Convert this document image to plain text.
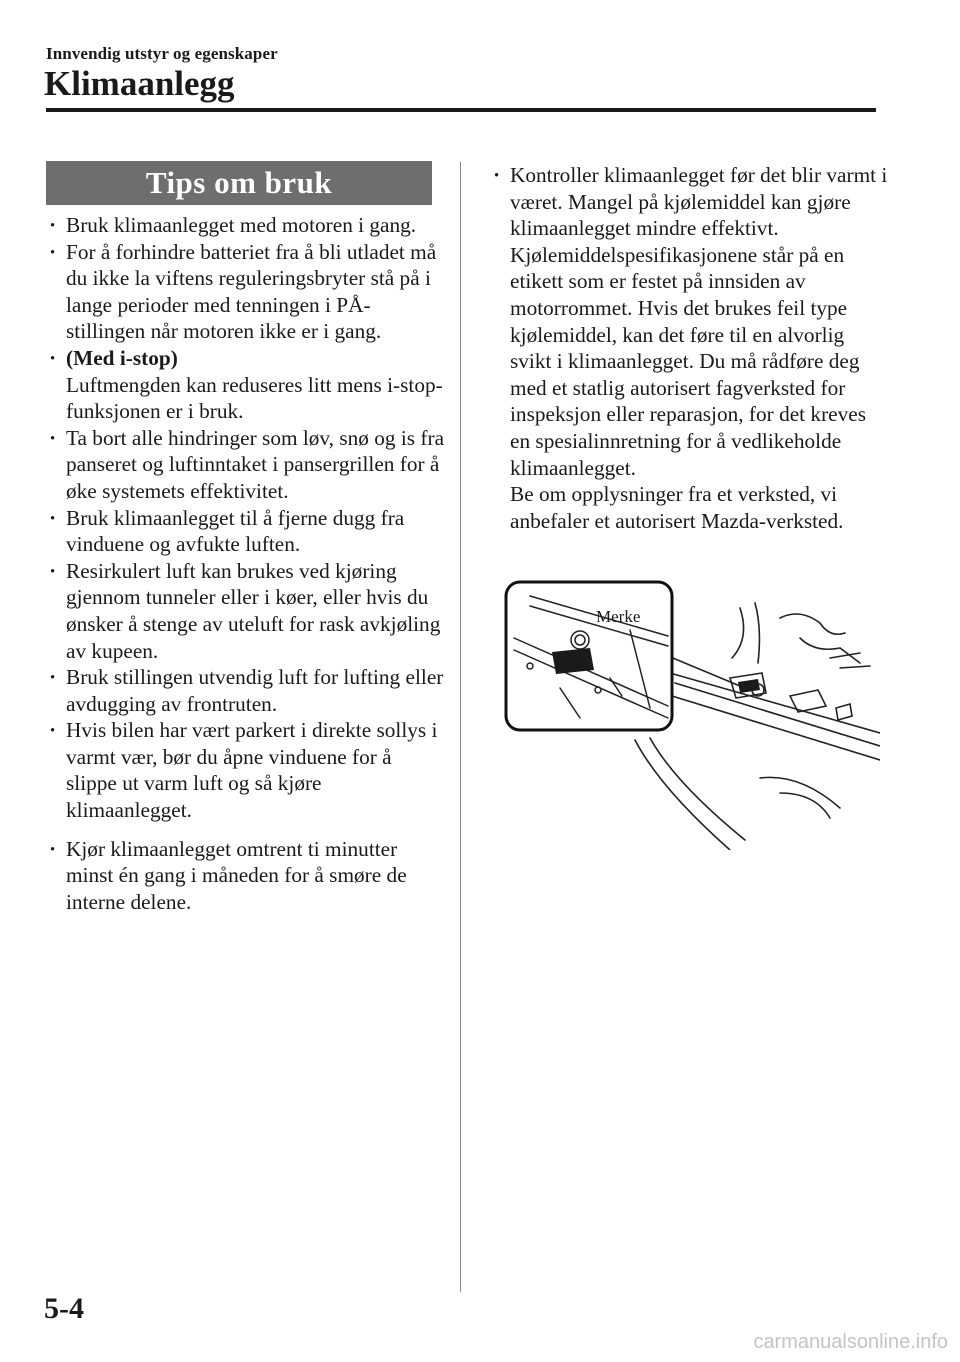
Innvendig utstyr og egenskaper
Klimaanlegg
Tips om bruk
· Bruk klimaanlegget med motoren i gang.
· For å forhindre batteriet fra å bli utladet må du ikke la viftens reguleringsbryter stå på i lange perioder med tenningen i PÅ-stillingen når motoren ikke er i gang.
· (Med i-stop)
Luftmengden kan reduseres litt mens i-stop-funksjonen er i bruk.
· Ta bort alle hindringer som løv, snø og is fra panseret og luftinntaket i pansergrillen for å øke systemets effektivitet.
· Bruk klimaanlegget til å fjerne dugg fra vinduene og avfukte luften.
· Resirkulert luft kan brukes ved kjøring gjennom tunneler eller i køer, eller hvis du ønsker å stenge av uteluft for rask avkjøling av kupeen.
· Bruk stillingen utvendig luft for lufting eller avdugging av frontruten.
· Hvis bilen har vært parkert i direkte sollys i varmt vær, bør du åpne vinduene for å slippe ut varm luft og så kjøre klimaanlegget.
· Kjør klimaanlegget omtrent ti minutter minst én gang i måneden for å smøre de interne delene.
· Kontroller klimaanlegget før det blir varmt i været. Mangel på kjølemiddel kan gjøre klimaanlegget mindre effektivt.
Kjølemiddelspesifikasjonene står på en etikett som er festet på innsiden av motorrommet. Hvis det brukes feil type kjølemiddel, kan det føre til en alvorlig svikt i klimaanlegget. Du må rådføre deg med et statlig autorisert fagverksted for inspeksjon eller reparasjon, for det kreves en spesialinnretning for å vedlikeholde klimaanlegget.
Be om opplysninger fra et verksted, vi anbefaler et autorisert Mazda-verksted.
Merke
5-4
carmanualsonline.info
